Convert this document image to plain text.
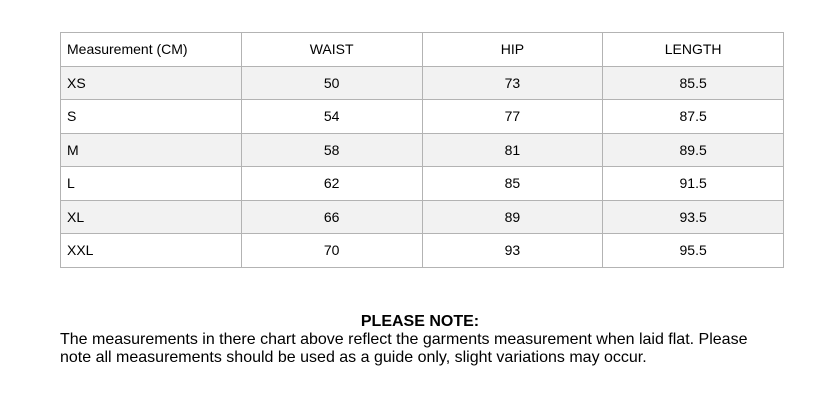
Measurement (CM)	WAIST	HIP	LENGTH
XS	50	73	85.5
S	54	77	87.5
M	58	81	89.5
L	62	85	91.5
XL	66	89	93.5
XXL	70	93	95.5

PLEASE NOTE:

The measurements in there chart above reflect the garments measurement when laid flat. Please note all measurements should be used as a guide only, slight variations may occur.
